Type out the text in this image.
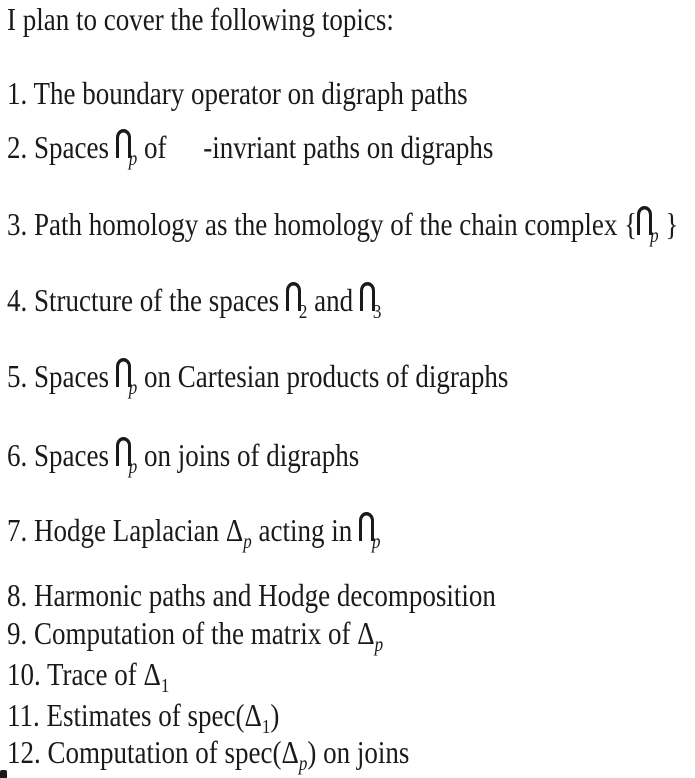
I plan to cover the following topics:
1. The boundary operator on digraph paths
2. Spaces $_p$ of -invriant paths on digraphs
3. Path homology as the homology of the chain complex { $_p$ }
4. Structure of the spaces $_2$ and $_3$
5. Spaces $_p$ on Cartesian products of digraphs
6. Spaces $_p$ on joins of digraphs
7. Hodge Laplacian $\Delta_p$ acting in $_p$
8. Harmonic paths and Hodge decomposition
9. Computation of the matrix of $\Delta_p$
10. Trace of $\Delta_1$
11. Estimates of $spec(\Delta_1)$
12. Computation of $spec(\Delta_p)$ on joins
